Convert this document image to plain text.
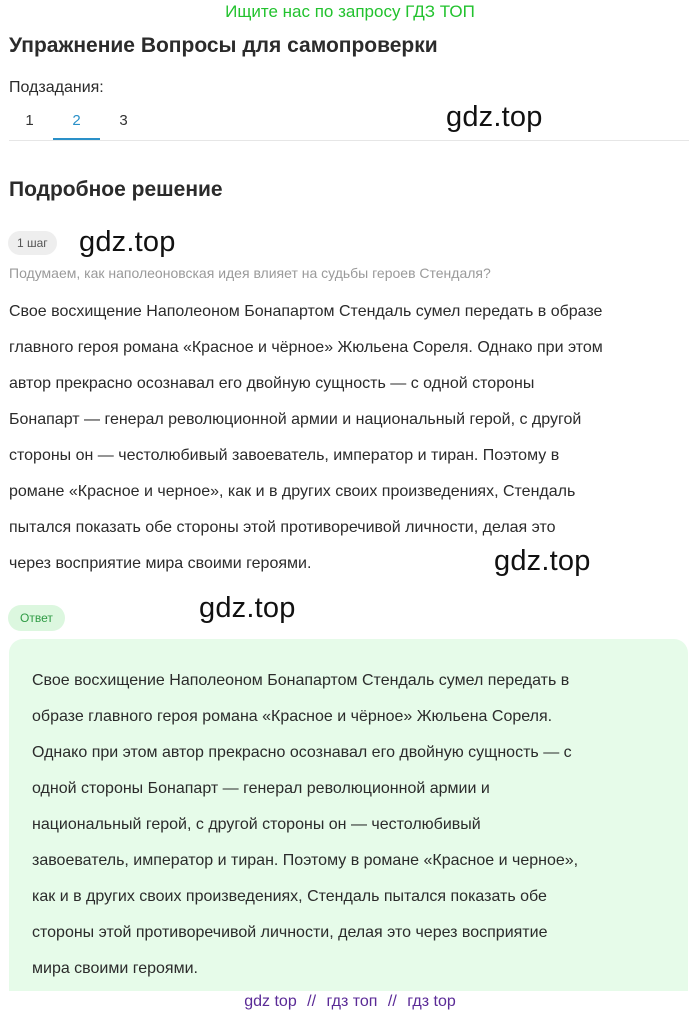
Ищите нас по запросу ГДЗ ТОП
Упражнение Вопросы для самопроверки
Подзадания:
1	2	3	gdz.top
Подробное решение
1 шаг	gdz.top
Подумаем, как наполеоновская идея влияет на судьбы героев Стендаля?
Свое восхищение Наполеоном Бонапартом Стендаль сумел передать в образе
главного героя романа «Красное и чёрное» Жюльена Сореля. Однако при этом
автор прекрасно осознавал его двойную сущность — с одной стороны
Бонапарт — генерал революционной армии и национальный герой, с другой
стороны он — честолюбивый завоеватель, император и тиран. Поэтому в
романе «Красное и черное», как и в других своих произведениях, Стендаль
пытался показать обе стороны этой противоречивой личности, делая это
через восприятие мира своими героями.	gdz.top
Ответ	gdz.top
Свое восхищение Наполеоном Бонапартом Стендаль сумел передать в
образе главного героя романа «Красное и чёрное» Жюльена Сореля.
Однако при этом автор прекрасно осознавал его двойную сущность — с
одной стороны Бонапарт — генерал революционной армии и
национальный герой, с другой стороны он — честолюбивый
завоеватель, император и тиран. Поэтому в романе «Красное и черное»,
как и в других своих произведениях, Стендаль пытался показать обе
стороны этой противоречивой личности, делая это через восприятие
мира своими героями.
gdz top // гдз топ // гдз top
